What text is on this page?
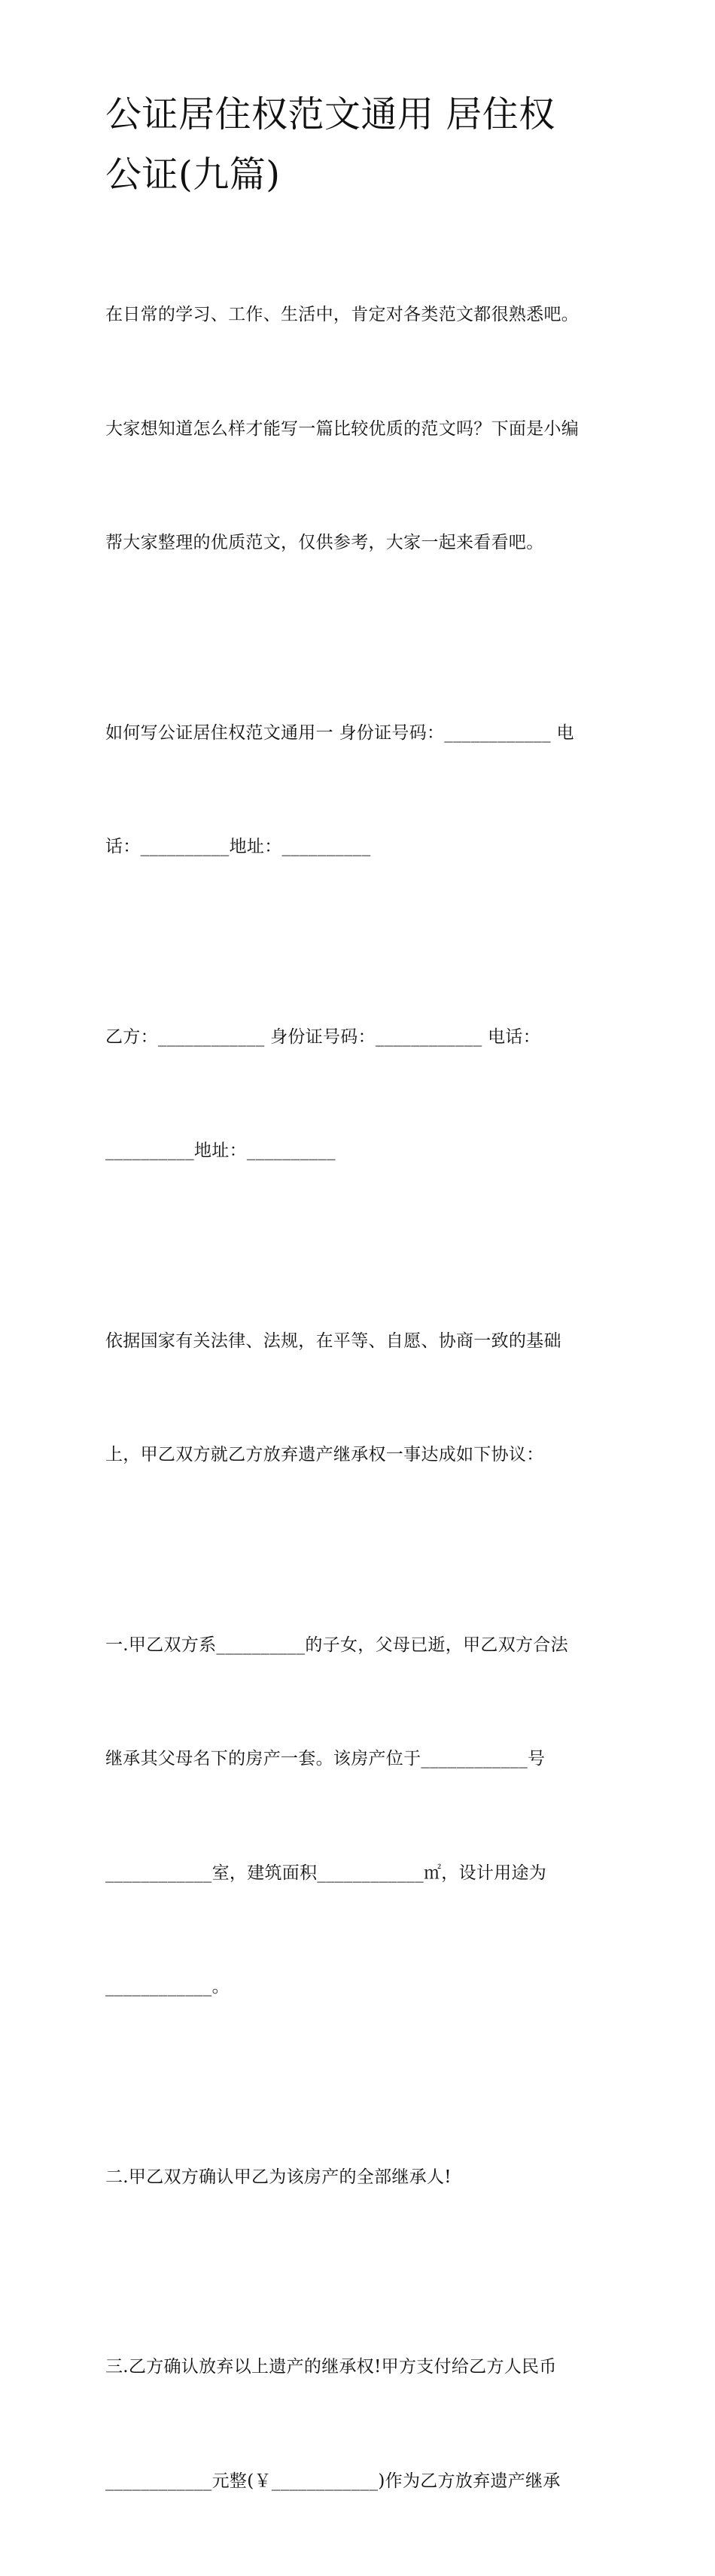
公证居住权范文通用 居住权
公证(九篇)

在日常的学习、工作、生活中，肯定对各类范文都很熟悉吧。

大家想知道怎么样才能写一篇比较优质的范文吗？下面是小编

帮大家整理的优质范文，仅供参考，大家一起来看看吧。

如何写公证居住权范文通用一 身份证号码：____________ 电

话：__________地址：__________

乙方：____________ 身份证号码：____________ 电话：

__________地址：__________

依据国家有关法律、法规，在平等、自愿、协商一致的基础

上，甲乙双方就乙方放弃遗产继承权一事达成如下协议：

一.甲乙双方系__________的子女，父母已逝，甲乙双方合法

继承其父母名下的房产一套。该房产位于____________号

____________室，建筑面积____________㎡，设计用途为

____________。

二.甲乙双方确认甲乙为该房产的全部继承人!

三.乙方确认放弃以上遗产的继承权!甲方支付给乙方人民币

____________元整(￥____________)作为乙方放弃遗产继承
